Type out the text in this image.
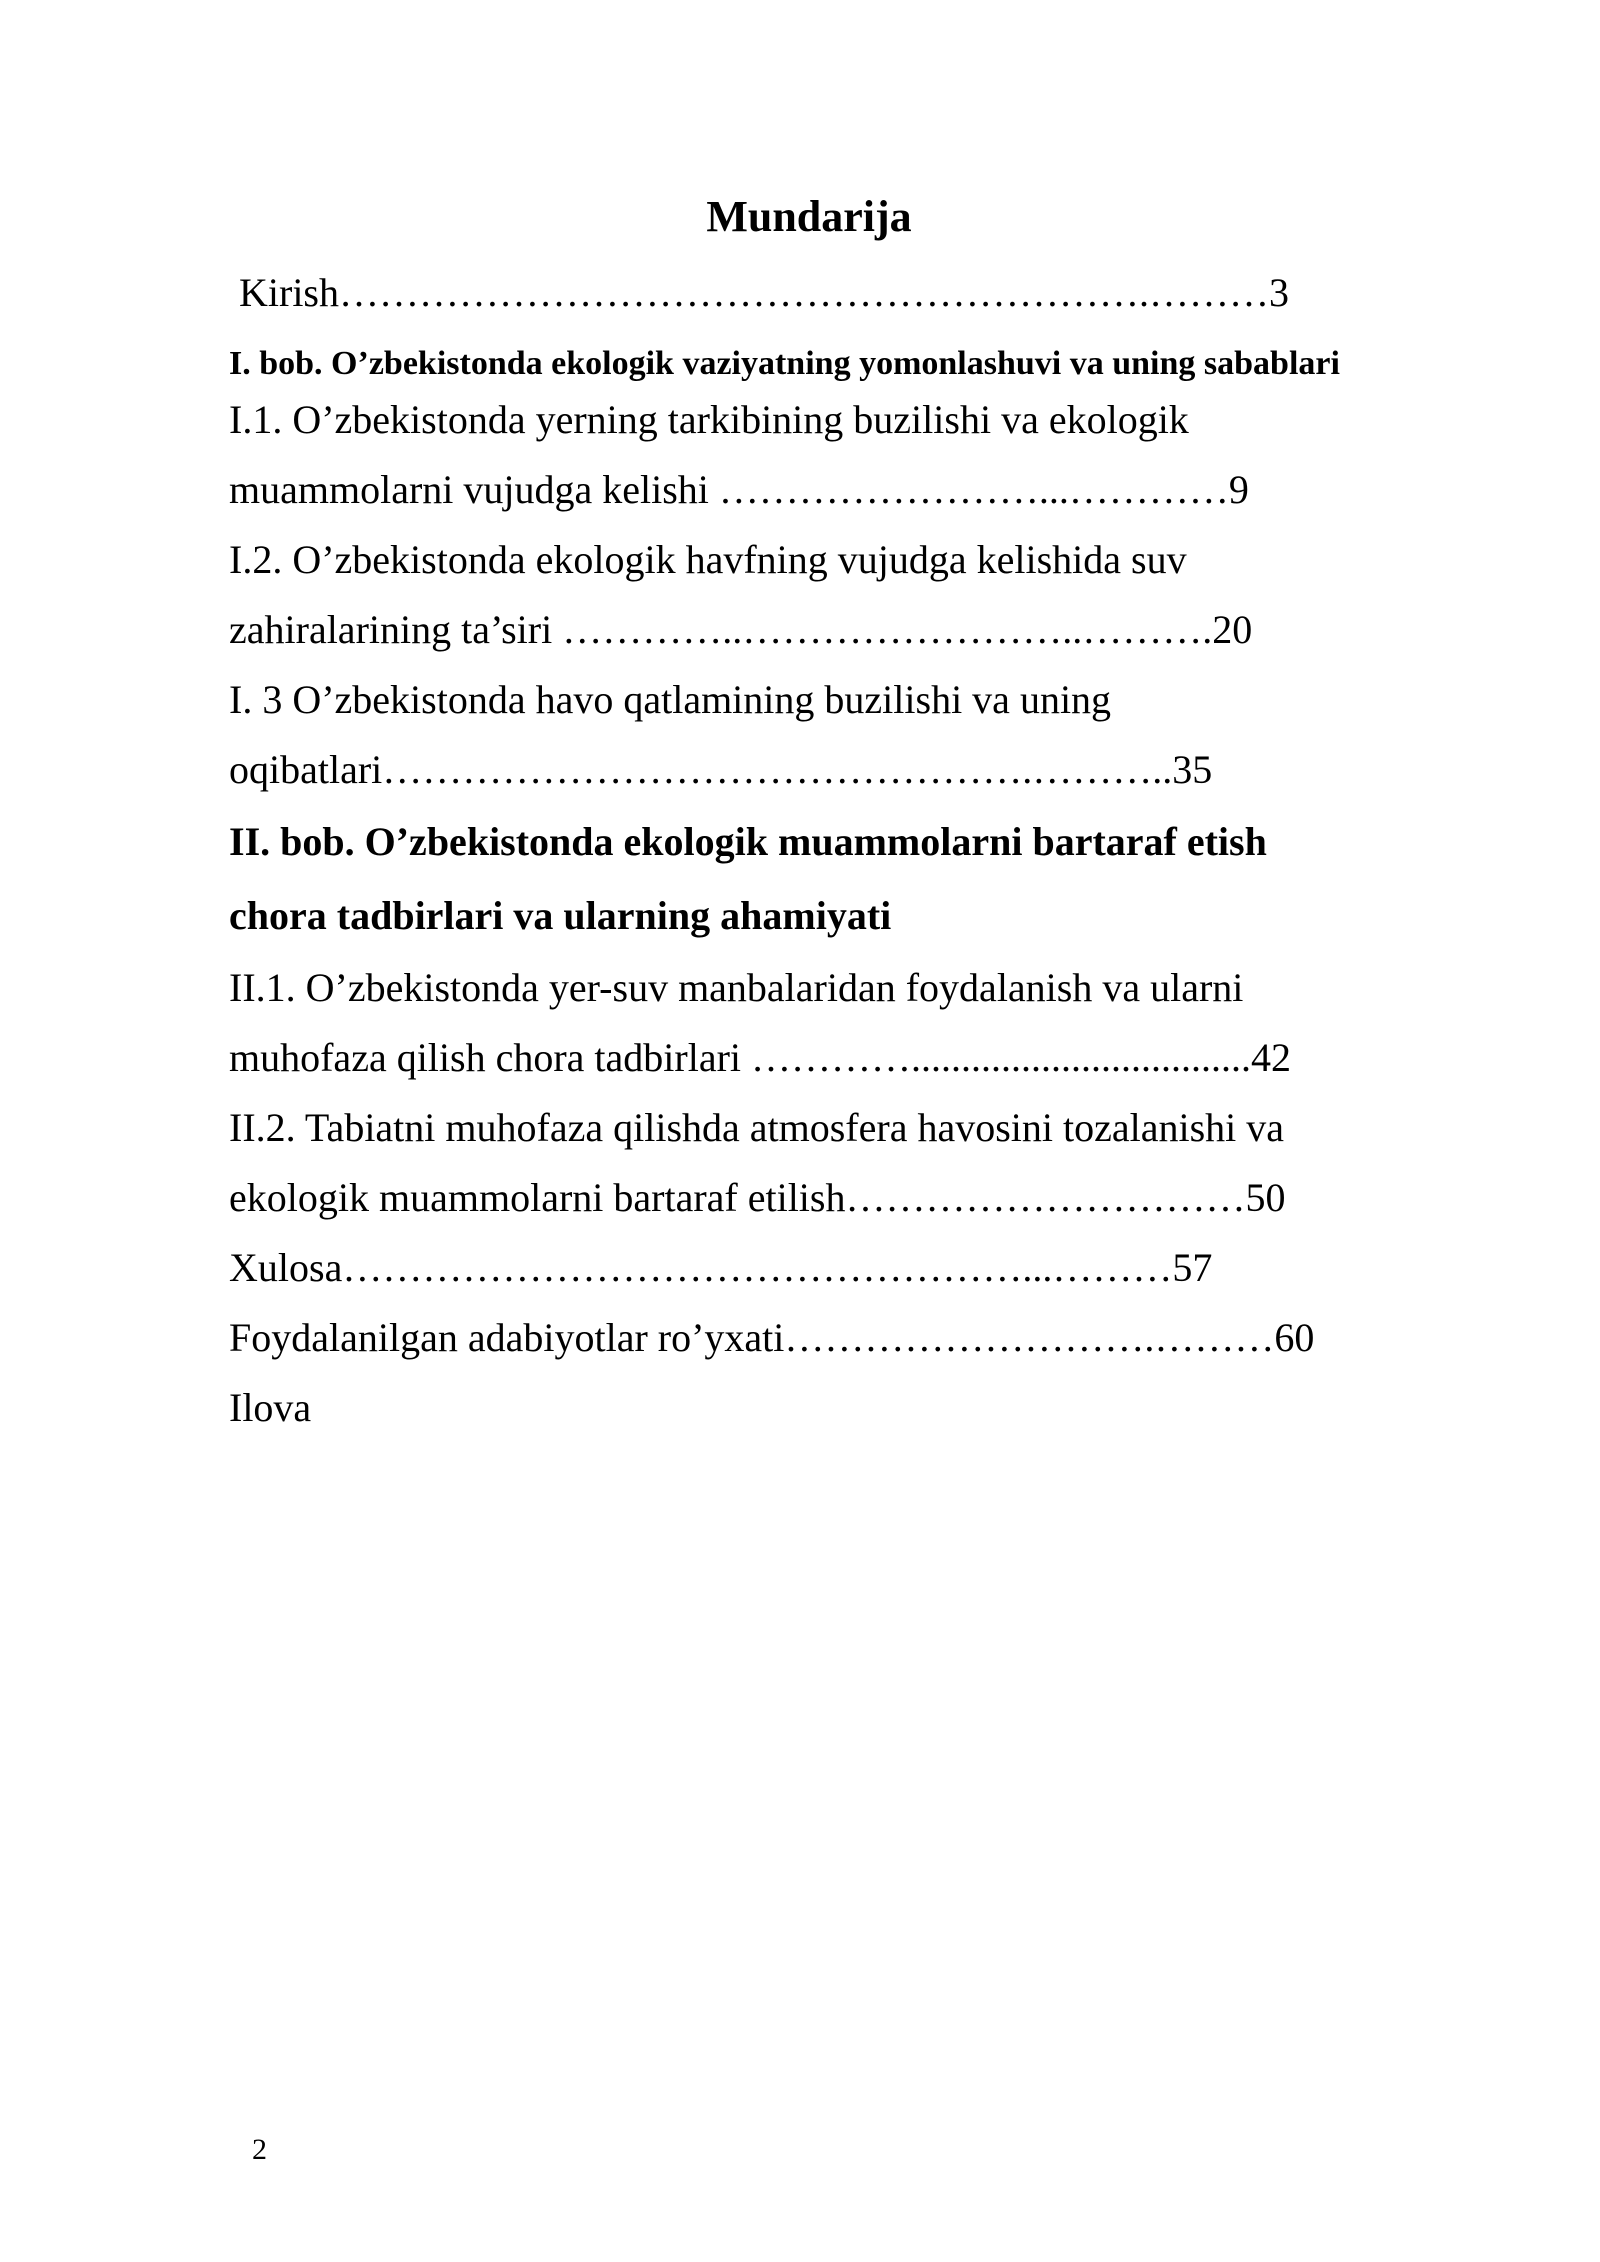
Mundarija
Kirish…………………………………………………….………3
I. bob. O’zbekistonda ekologik vaziyatning yomonlashuvi va uning sabablari
I.1. O’zbekistonda yerning tarkibining buzilishi va ekologik
muammolarni vujudga kelishi ……………………...…………9
I.2. O’zbekistonda ekologik havfning vujudga kelishida suv
zahiralarining ta’siri …………..……………………..……….20
I. 3 O’zbekistonda havo qatlamining buzilishi va uning
oqibatlari………………………………………….………..35
II. bob. O’zbekistonda ekologik muammolarni bartaraf etish
chora tadbirlari va ularning ahamiyati
II.1. O’zbekistonda yer-suv manbalaridan foydalanish va ularni
muhofaza qilish chora tadbirlari …………..................................42
II.2. Tabiatni muhofaza qilishda atmosfera havosini tozalanishi va
ekologik muammolarni bartaraf etilish…………………………50
Xulosa……………………………………………...………57
Foydalanilgan adabiyotlar ro’yxati……………………….………60
Ilova
2
